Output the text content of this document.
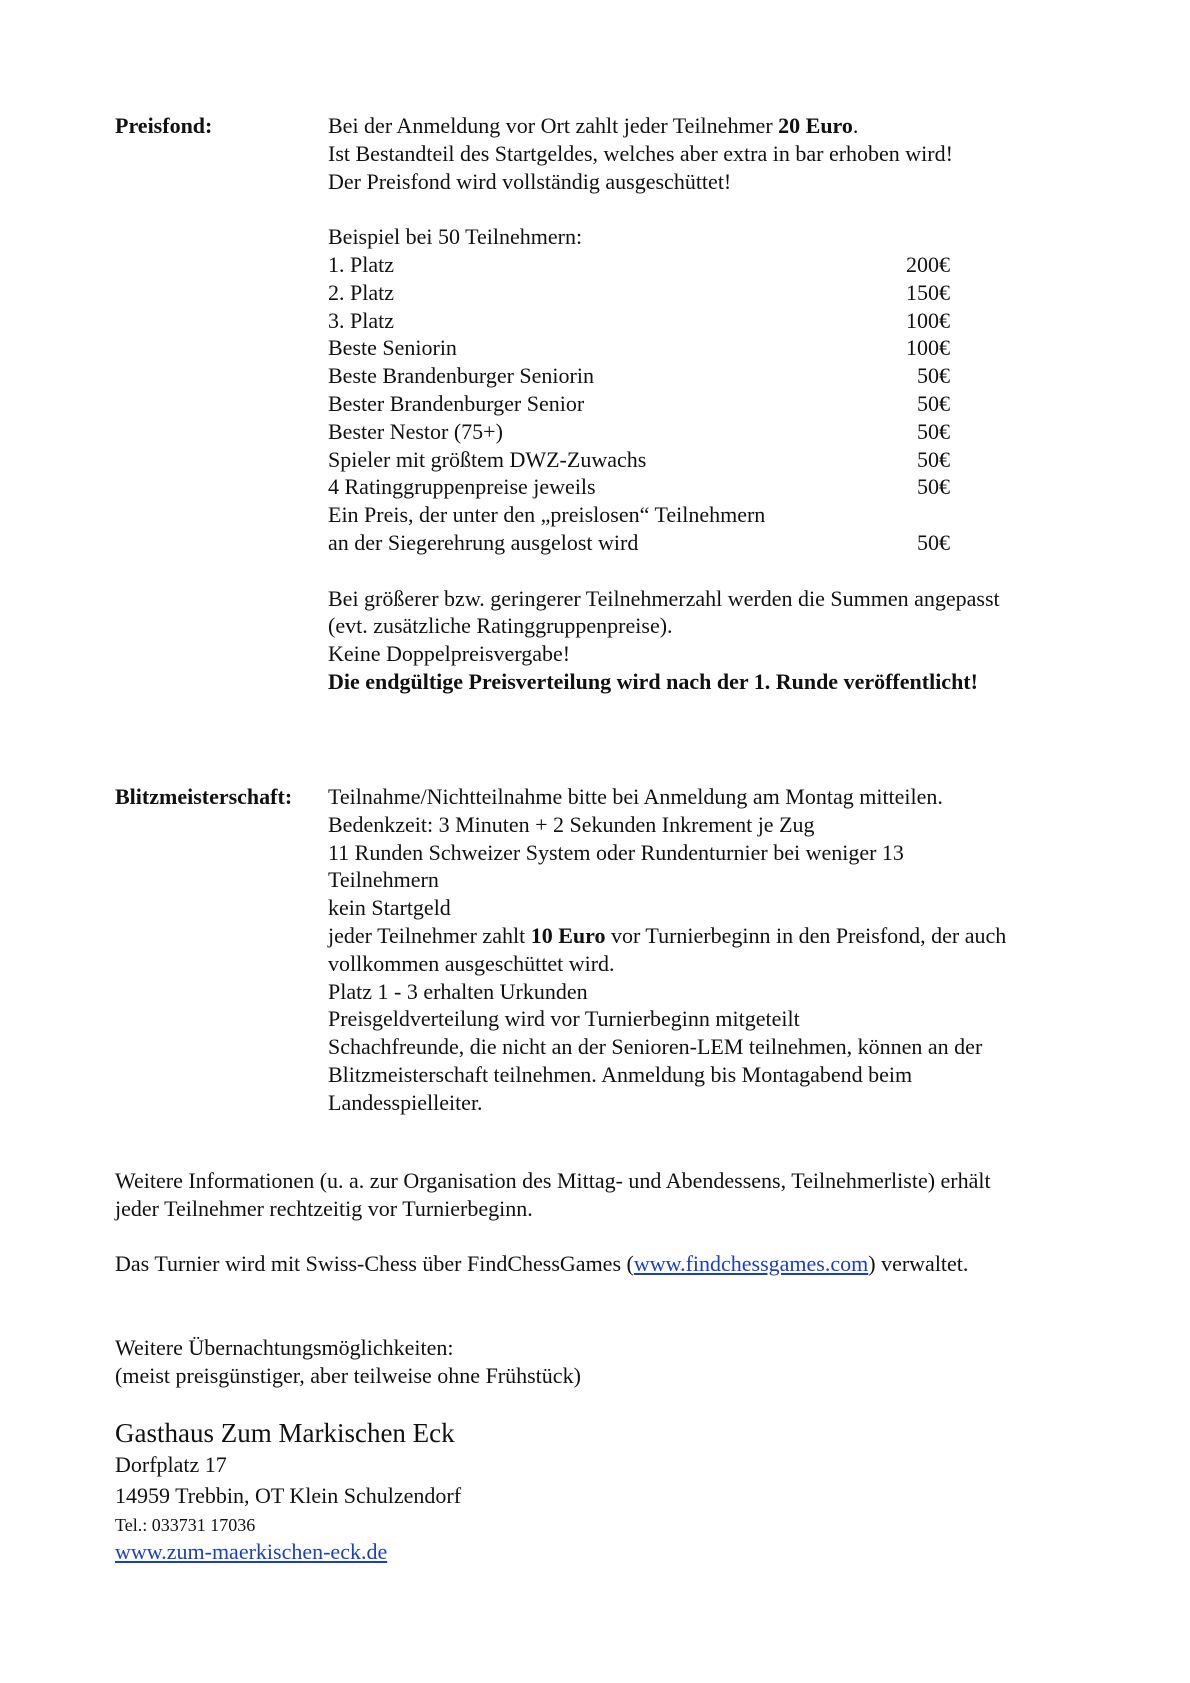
Preisfond:	Bei der Anmeldung vor Ort zahlt jeder Teilnehmer 20 Euro.
Ist Bestandteil des Startgeldes, welches aber extra in bar erhoben wird!
Der Preisfond wird vollständig ausgeschüttet!
Beispiel bei 50 Teilnehmern:
1. Platz	200€
2. Platz	150€
3. Platz	100€
Beste Seniorin	100€
Beste Brandenburger Seniorin	50€
Bester Brandenburger Senior	50€
Bester Nestor (75+)	50€
Spieler mit größtem DWZ-Zuwachs	50€
4 Ratinggruppenpreise jeweils	50€
Ein Preis, der unter den „preislosen“ Teilnehmern
an der Siegerehrung ausgelost wird	50€
Bei größerer bzw. geringerer Teilnehmerzahl werden die Summen angepasst
(evt. zusätzliche Ratinggruppenpreise).
Keine Doppelpreisvergabe!
Die endgültige Preisverteilung wird nach der 1. Runde veröffentlicht!
Blitzmeisterschaft: Teilnahme/Nichtteilnahme bitte bei Anmeldung am Montag mitteilen.
Bedenkzeit: 3 Minuten + 2 Sekunden Inkrement je Zug
11 Runden Schweizer System oder Rundenturnier bei weniger 13
Teilnehmern
kein Startgeld
jeder Teilnehmer zahlt 10 Euro vor Turnierbeginn in den Preisfond, der auch
vollkommen ausgeschüttet wird.
Platz 1 - 3 erhalten Urkunden
Preisgeldverteilung wird vor Turnierbeginn mitgeteilt
Schachfreunde, die nicht an der Senioren-LEM teilnehmen, können an der
Blitzmeisterschaft teilnehmen. Anmeldung bis Montagabend beim
Landesspielleiter.
Weitere Informationen (u. a. zur Organisation des Mittag- und Abendessens, Teilnehmerliste) erhält
jeder Teilnehmer rechtzeitig vor Turnierbeginn.
Das Turnier wird mit Swiss-Chess über FindChessGames (www.findchessgames.com) verwaltet.
Weitere Übernachtungsmöglichkeiten:
(meist preisgünstiger, aber teilweise ohne Frühstück)
Gasthaus Zum Markischen Eck
Dorfplatz 17
14959 Trebbin, OT Klein Schulzendorf
Tel.: 033731 17036
www.zum-maerkischen-eck.de
